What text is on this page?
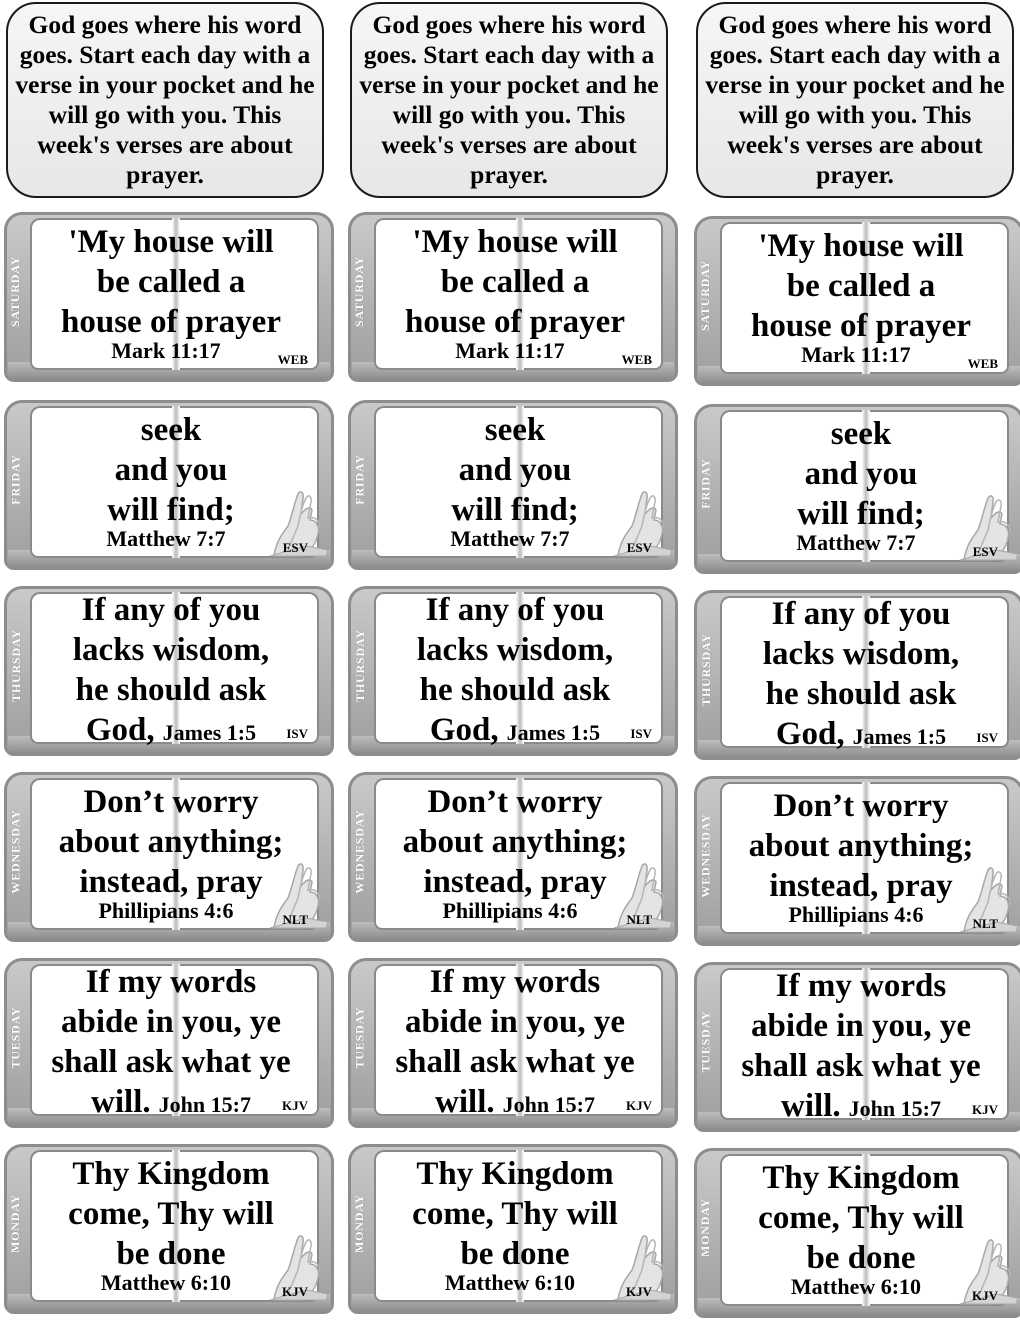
God goes where his word goes. Start each day with a verse in your pocket and he will go with you. This week's verses are about prayer.
SATURDAY
'My house will
be called a
house of prayer
Mark 11:17	WEB
FRIDAY
seek
and you
will find;
Matthew 7:7	ESV
THURSDAY
If any of you
lacks wisdom,
he should ask
God, James 1:5	ISV
WEDNESDAY
Don’t worry
about anything;
instead, pray
Phillipians 4:6	NLT
TUESDAY
If my words
abide in you, ye
shall ask what ye
will. John 15:7	KJV
MONDAY
Thy Kingdom
come, Thy will
be done
Matthew 6:10	KJV
God goes where his word goes. Start each day with a verse in your pocket and he will go with you. This week's verses are about prayer.
SATURDAY
'My house will
be called a
house of prayer
Mark 11:17	WEB
FRIDAY
seek
and you
will find;
Matthew 7:7	ESV
THURSDAY
If any of you
lacks wisdom,
he should ask
God, James 1:5	ISV
WEDNESDAY
Don’t worry
about anything;
instead, pray
Phillipians 4:6	NLT
TUESDAY
If my words
abide in you, ye
shall ask what ye
will. John 15:7	KJV
MONDAY
Thy Kingdom
come, Thy will
be done
Matthew 6:10	KJV
God goes where his word goes. Start each day with a verse in your pocket and he will go with you. This week's verses are about prayer.
SATURDAY
'My house will
be called a
house of prayer
Mark 11:17	WEB
FRIDAY
seek
and you
will find;
Matthew 7:7	ESV
THURSDAY
If any of you
lacks wisdom,
he should ask
God, James 1:5	ISV
WEDNESDAY
Don’t worry
about anything;
instead, pray
Phillipians 4:6	NLT
TUESDAY
If my words
abide in you, ye
shall ask what ye
will. John 15:7	KJV
MONDAY
Thy Kingdom
come, Thy will
be done
Matthew 6:10	KJV
